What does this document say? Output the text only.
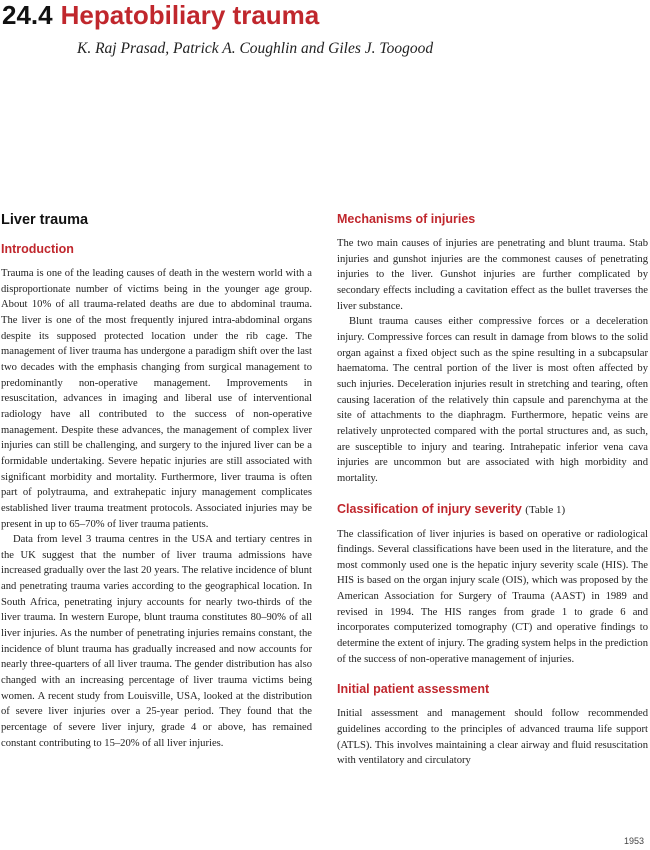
24.4 Hepatobiliary trauma
K. Raj Prasad, Patrick A. Coughlin and Giles J. Toogood
Liver trauma
Introduction

Trauma is one of the leading causes of death in the western world with a disproportionate number of victims being in the younger age group. About 10% of all trauma-related deaths are due to abdominal trauma. The liver is one of the most frequently injured intra-abdominal organs despite its supposed protected location under the rib cage. The management of liver trauma has undergone a paradigm shift over the last two decades with the emphasis changing from surgical management to predominantly non-operative management. Improvements in resuscitation, advances in imaging and liberal use of interventional radiology have all contributed to the success of non-operative management. Despite these advances, the management of complex liver injuries can still be challenging, and surgery to the injured liver can be a formidable undertaking. Severe hepatic injuries are still associated with significant morbidity and mortality. Furthermore, liver trauma is often part of polytrauma, and extrahepatic injury management complicates established liver trauma treatment protocols. Associated injuries may be present in up to 65–70% of liver trauma patients.

Data from level 3 trauma centres in the USA and tertiary centres in the UK suggest that the number of liver trauma admissions have increased gradually over the last 20 years. The relative incidence of blunt and penetrating trauma varies according to the geographical location. In South Africa, penetrating injury accounts for nearly two-thirds of the liver trauma. In western Europe, blunt trauma constitutes 80–90% of all liver injuries. As the number of penetrating injuries remains constant, the incidence of blunt trauma has gradually increased and now accounts for nearly three-quarters of all liver trauma. The gender distribution has also changed with an increasing percentage of liver trauma victims being women. A recent study from Louisville, USA, looked at the distribution of severe liver injuries over a 25-year period. They found that the percentage of severe liver injury, grade 4 or above, has remained constant contributing to 15–20% of all liver injuries.

Mechanisms of injuries

The two main causes of injuries are penetrating and blunt trauma. Stab injuries and gunshot injuries are the commonest causes of penetrating injuries to the liver. Gunshot injuries are further complicated by secondary effects including a cavitation effect as the bullet traverses the liver substance.

Blunt trauma causes either compressive forces or a deceleration injury. Compressive forces can result in damage from blows to the solid organ against a fixed object such as the spine resulting in a subcapsular haematoma. The central portion of the liver is most often affected by such injuries. Deceleration injuries result in stretching and tearing, often causing laceration of the relatively thin capsule and parenchyma at the site of attachments to the diaphragm. Furthermore, hepatic veins are relatively unprotected compared with the portal structures and, as such, are susceptible to injury and tearing. Intrahepatic inferior vena cava injuries are uncommon but are associated with high morbidity and mortality.

Classification of injury severity (Table 1)

The classification of liver injuries is based on operative or radiological findings. Several classifications have been used in the literature, and the most commonly used one is the hepatic injury severity scale (HIS). The HIS is based on the organ injury scale (OIS), which was proposed by the American Association for Surgery of Trauma (AAST) in 1989 and revised in 1994. The HIS ranges from grade 1 to grade 6 and incorporates computerized tomography (CT) and operative findings to determine the extent of injury. The grading system helps in the prediction of the success of non-operative management of injuries.

Initial patient assessment

Initial assessment and management should follow recommended guidelines according to the principles of advanced trauma life support (ATLS). This involves maintaining a clear airway and fluid resuscitation with ventilatory and circulatory

1953
